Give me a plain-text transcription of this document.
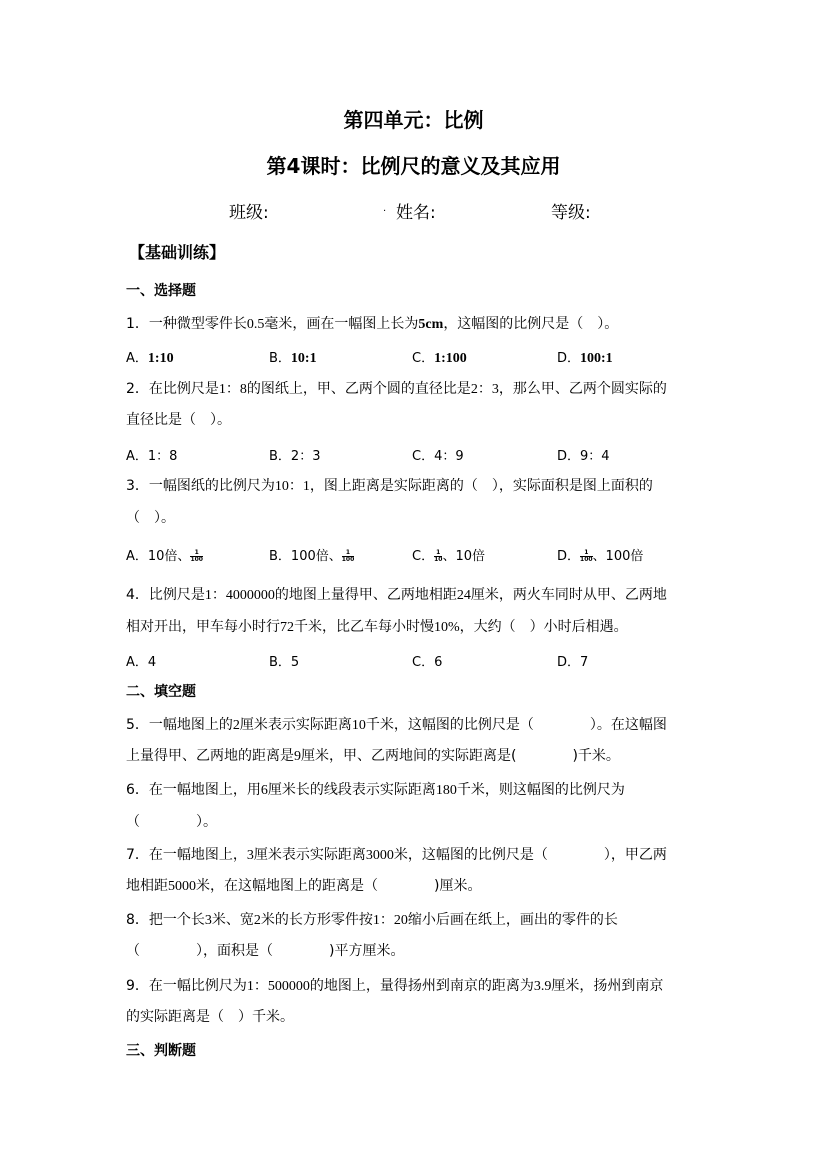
第四单元：比例
第4课时：比例尺的意义及其应用
班级:	姓名:	等级:
.
【基础训练】
一、选择题
1．一种微型零件长0.5毫米，画在一幅图上长为5cm，这幅图的比例尺是（　）。
A．1:10	B．10:1	C．1:100	D．100:1
2．在比例尺是1：8的图纸上，甲、乙两个圆的直径比是2：3，那么甲、乙两个圆实际的
直径比是（　）。
A．1：8	B．2：3	C．4：9	D．9：4
3．一幅图纸的比例尺为10：1，图上距离是实际距离的（　），实际面积是图上面积的
（　）。
A．10倍、 $\frac{1}{100}$	B．100倍、 $\frac{1}{100}$	C． $\frac{1}{10}$ 、10倍	D． $\frac{1}{100}$ 、100倍
4．比例尺是1：4000000的地图上量得甲、乙两地相距24厘米，两火车同时从甲、乙两地
相对开出，甲车每小时行72千米，比乙车每小时慢10%，大约（　）小时后相遇。
A．4	B．5	C．6	D．7
二、填空题
5．一幅地图上的2厘米表示实际距离10千米，这幅图的比例尺是（　　　　）。在这幅图
上量得甲、乙两地的距离是9厘米，甲、乙两地间的实际距离是(　　　　)千米。
6．在一幅地图上，用6厘米长的线段表示实际距离180千米，则这幅图的比例尺为
（　　　　）。
7．在一幅地图上，3厘米表示实际距离3000米，这幅图的比例尺是（　　　　），甲乙两
地相距5000米，在这幅地图上的距离是（　　　　)厘米。
8．把一个长3米、宽2米的长方形零件按1：20缩小后画在纸上，画出的零件的长
（　　　　），面积是（　　　　)平方厘米。
9．在一幅比例尺为1：500000的地图上，量得扬州到南京的距离为3.9厘米，扬州到南京
的实际距离是（　）千米。
三、判断题
